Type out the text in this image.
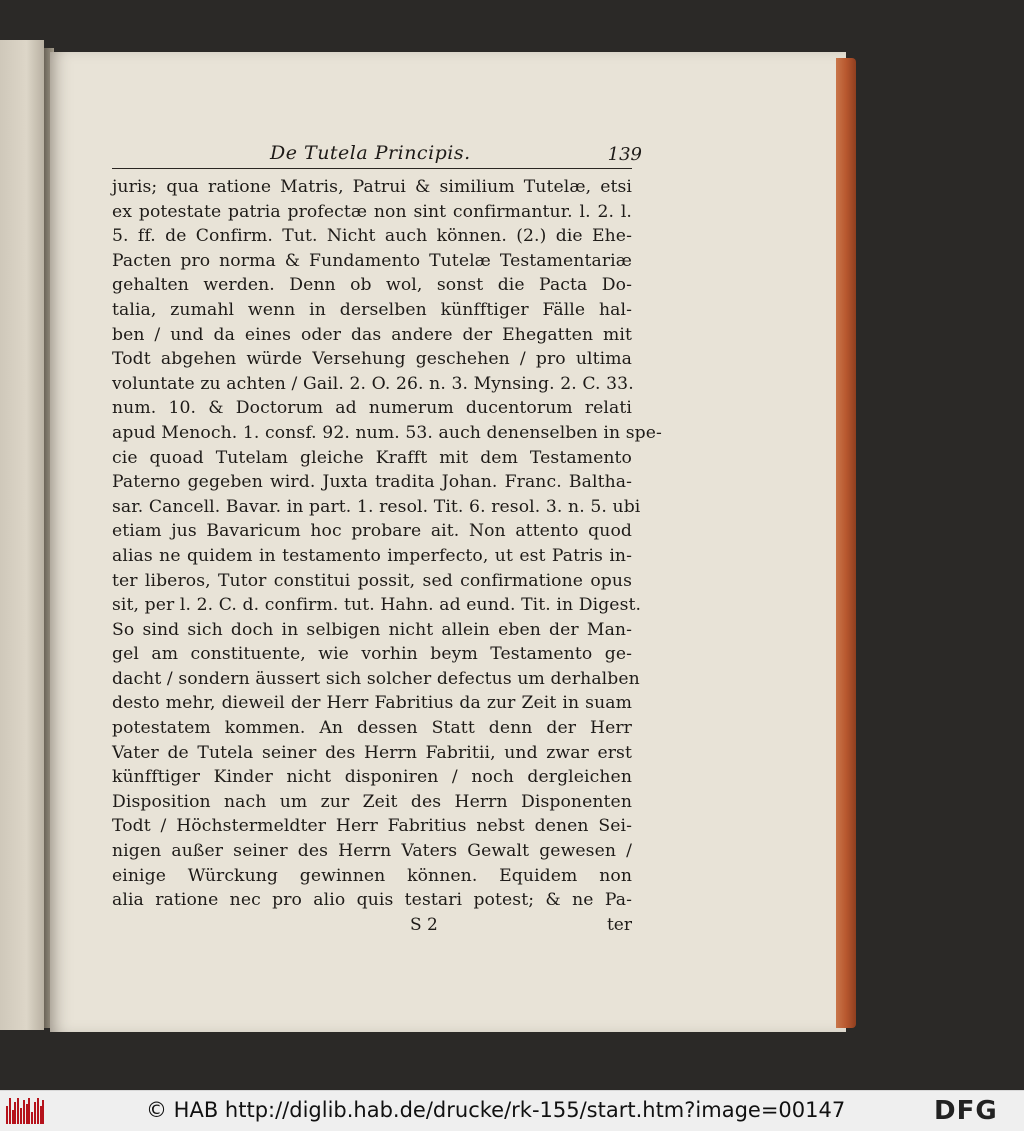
De Tutela Principis.	139
juris; qua ratione Matris, Patrui & similium Tutelæ, etsi
ex potestate patria profectæ non sint confirmantur. l. 2. l.
5. ff. de Confirm. Tut. Nicht auch können. (2.) die Ehe-
Pacten pro norma & Fundamento Tutelæ Testamentariæ
gehalten werden. Denn ob wol, sonst die Pacta Do-
talia, zumahl wenn in derselben künfftiger Fälle hal-
ben / und da eines oder das andere der Ehegatten mit
Todt abgehen würde Versehung geschehen / pro ultima
voluntate zu achten / Gail. 2. O. 26. n. 3. Mynsing. 2. C. 33.
num. 10. & Doctorum ad numerum ducentorum relati
apud Menoch. 1. consf. 92. num. 53. auch denenselben in spe-
cie quoad Tutelam gleiche Krafft mit dem Testamento
Paterno gegeben wird. Juxta tradita Johan. Franc. Baltha-
sar. Cancell. Bavar. in part. 1. resol. Tit. 6. resol. 3. n. 5. ubi
etiam jus Bavaricum hoc probare ait. Non attento quod
alias ne quidem in testamento imperfecto, ut est Patris in-
ter liberos, Tutor constitui possit, sed confirmatione opus
sit, per l. 2. C. d. confirm. tut. Hahn. ad eund. Tit. in Digest.
So sind sich doch in selbigen nicht allein eben der Man-
gel am constituente, wie vorhin beym Testamento ge-
dacht / sondern äussert sich solcher defectus um derhalben
desto mehr, dieweil der Herr Fabritius da zur Zeit in suam
potestatem kommen. An dessen Statt denn der Herr
Vater de Tutela seiner des Herrn Fabritii, und zwar erst
künfftiger Kinder nicht disponiren / noch dergleichen
Disposition nach um zur Zeit des Herrn Disponenten
Todt / Höchstermeldter Herr Fabritius nebst denen Sei-
nigen außer seiner des Herrn Vaters Gewalt gewesen /
einige Würckung gewinnen können. Equidem non
alia ratione nec pro alio quis testari potest; & ne Pa-
S 2	ter
© HAB http://diglib.hab.de/drucke/rk-155/start.htm?image=00147	DFG
